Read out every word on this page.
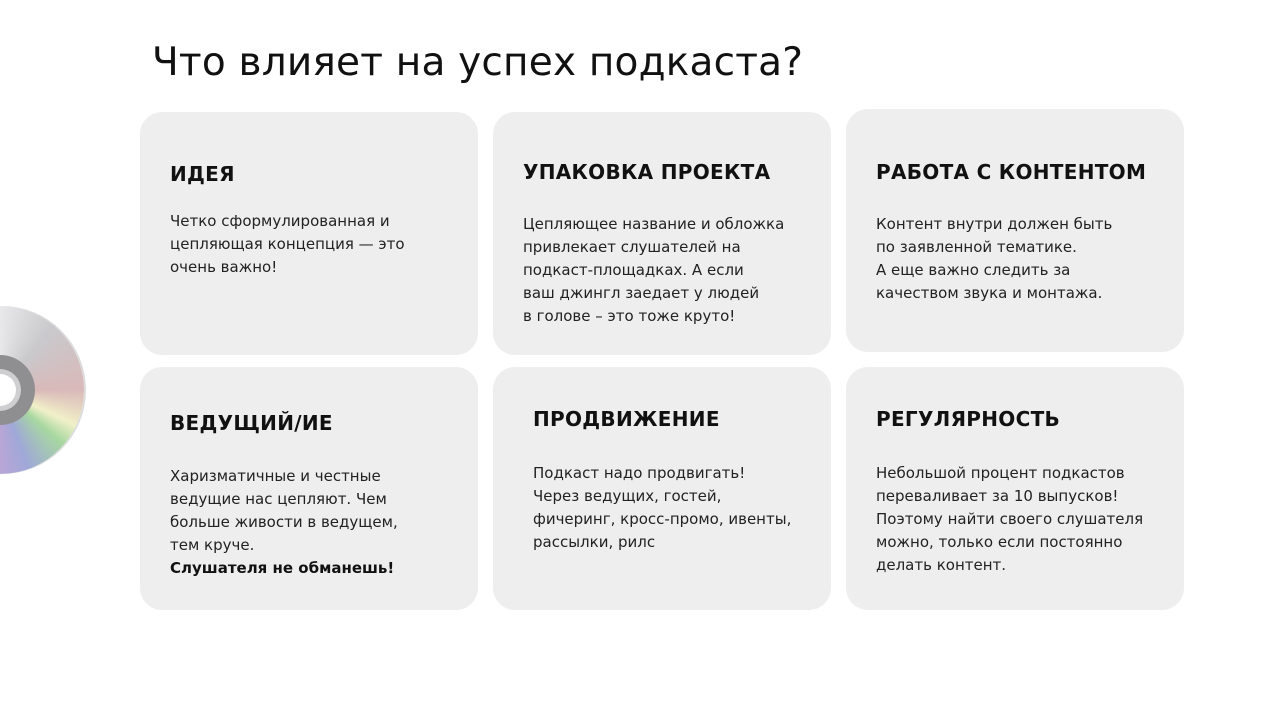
Что влияет на успех подкаста?
ИДЕЯ
Четко сформулированная и
цепляющая концепция — это
очень важно!
УПАКОВКА ПРОЕКТА
Цепляющее название и обложка
привлекает слушателей на
подкаст-площадках. А если
ваш джингл заедает у людей
в голове – это тоже круто!
РАБОТА С КОНТЕНТОМ
Контент внутри должен быть
по заявленной тематике.
А еще важно следить за
качеством звука и монтажа.
ВЕДУЩИЙ/ИЕ
Харизматичные и честные
ведущие нас цепляют. Чем
больше живости в ведущем,
тем круче.
Слушателя не обманешь!
ПРОДВИЖЕНИЕ
Подкаст надо продвигать!
Через ведущих, гостей,
фичеринг, кросс-промо, ивенты,
рассылки, рилс
РЕГУЛЯРНОСТЬ
Небольшой процент подкастов
переваливает за 10 выпусков!
Поэтому найти своего слушателя
можно, только если постоянно
делать контент.
